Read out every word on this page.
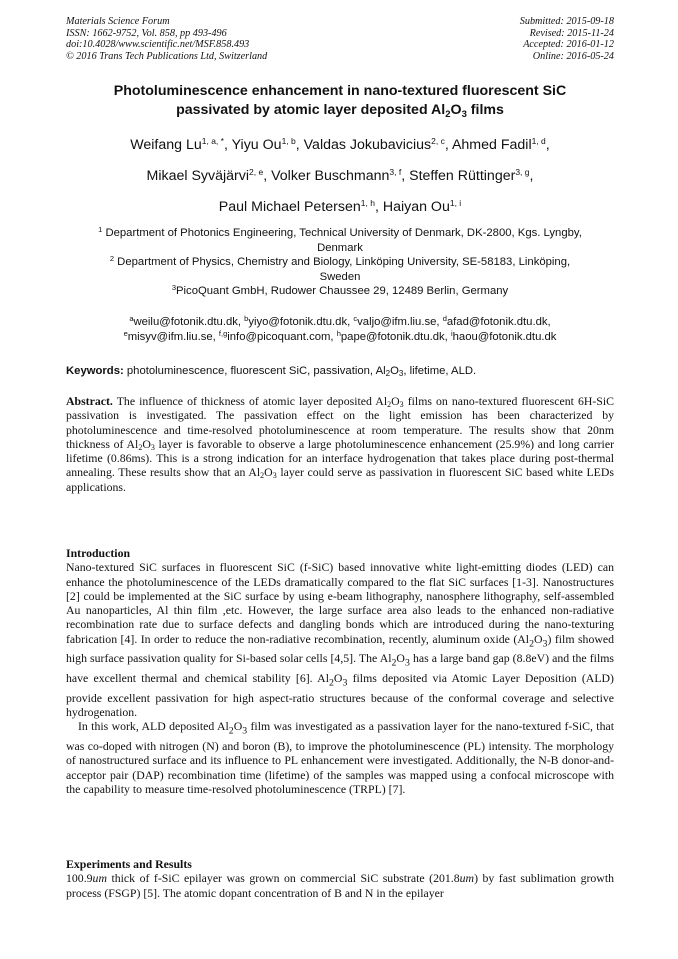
Materials Science Forum
ISSN: 1662-9752, Vol. 858, pp 493-496
doi:10.4028/www.scientific.net/MSF.858.493
© 2016 Trans Tech Publications Ltd, Switzerland
Submitted: 2015-09-18
Revised: 2015-11-24
Accepted: 2016-01-12
Online: 2016-05-24
Photoluminescence enhancement in nano-textured fluorescent SiC
passivated by atomic layer deposited $Al_2O_3$ films
Weifang $Lu^{1, a, *}$, Yiyu Ou$^{1, b}$, Valdas Jokubavicius$^{2, c}$, Ahmed Fadil$^{1, d}$,
Mikael Syväjärvi$^{2, e}$, Volker Buschmann$^{3, f}$, Steffen Rüttinger$^{3, g}$,
Paul Michael Petersen$^{1, h}$, Haiyan Ou$^{1, i}$
$^1$ Department of Photonics Engineering, Technical University of Denmark, DK-2800, Kgs. Lyngby,
Denmark
$^2$ Department of Physics, Chemistry and Biology, Linköping University, SE-58183, Linköping,
Sweden
$^3$PicoQuant GmbH, Rudower Chaussee 29, 12489 Berlin, Germany
$^a$weilu@fotonik.dtu.dk, $^b$yiyo@fotonik.dtu.dk, $^c$valjo@ifm.liu.se, $^d$afad@fotonik.dtu.dk,
$^e$misyv@ifm.liu.se, $^{f,g}$info@picoquant.com, $^h$pape@fotonik.dtu.dk, $^i$haou@fotonik.dtu.dk
Keywords: photoluminescence, fluorescent SiC, passivation, $Al_2O_3$, lifetime, ALD.
Abstract. The influence of thickness of atomic layer deposited $Al_2O_3$ films on nano-textured fluorescent 6H-SiC passivation is investigated. The passivation effect on the light emission has been characterized by photoluminescence and time-resolved photoluminescence at room temperature. The results show that 20nm thickness of $Al_2O_3$ layer is favorable to observe a large photoluminescence enhancement (25.9%) and long carrier lifetime (0.86ms). This is a strong indication for an interface hydrogenation that takes place during post-thermal annealing. These results show that an $Al_2O_3$ layer could serve as passivation in fluorescent SiC based white LEDs applications.
Introduction

Nano-textured SiC surfaces in fluorescent SiC (f-SiC) based innovative white light-emitting diodes (LED) can enhance the photoluminescence of the LEDs dramatically compared to the flat SiC surfaces [1-3]. Nanostructures [2] could be implemented at the SiC surface by using e-beam lithography, nanosphere lithography, self-assembled Au nanoparticles, Al thin film ,etc. However, the large surface area also leads to the enhanced non-radiative recombination rate due to surface defects and dangling bonds which are introduced during the nano-texturing fabrication [4]. In order to reduce the non-radiative recombination, recently, aluminum oxide $(Al_2O_3)$ film showed high surface passivation quality for Si-based solar cells [4,5]. The $Al_2O_3$ has a large band gap (8.8eV) and the films have excellent thermal and chemical stability [6]. $Al_2O_3$ films deposited via Atomic Layer Deposition (ALD) provide excellent passivation for high aspect-ratio structures because of the conformal coverage and selective hydrogenation.

In this work, ALD deposited $Al_2O_3$ film was investigated as a passivation layer for the nano-textured f-SiC, that was co-doped with nitrogen (N) and boron (B), to improve the photoluminescence (PL) intensity. The morphology of nanostructured surface and its influence to PL enhancement were investigated. Additionally, the N-B donor-and-acceptor pair (DAP) recombination time (lifetime) of the samples was mapped using a confocal microscope with the capability to measure time-resolved photoluminescence (TRPL) [7].

Experiments and Results

100.9um thick of f-SiC epilayer was grown on commercial SiC substrate (201.8um) by fast sublimation growth process (FSGP) [5]. The atomic dopant concentration of B and N in the epilayer
